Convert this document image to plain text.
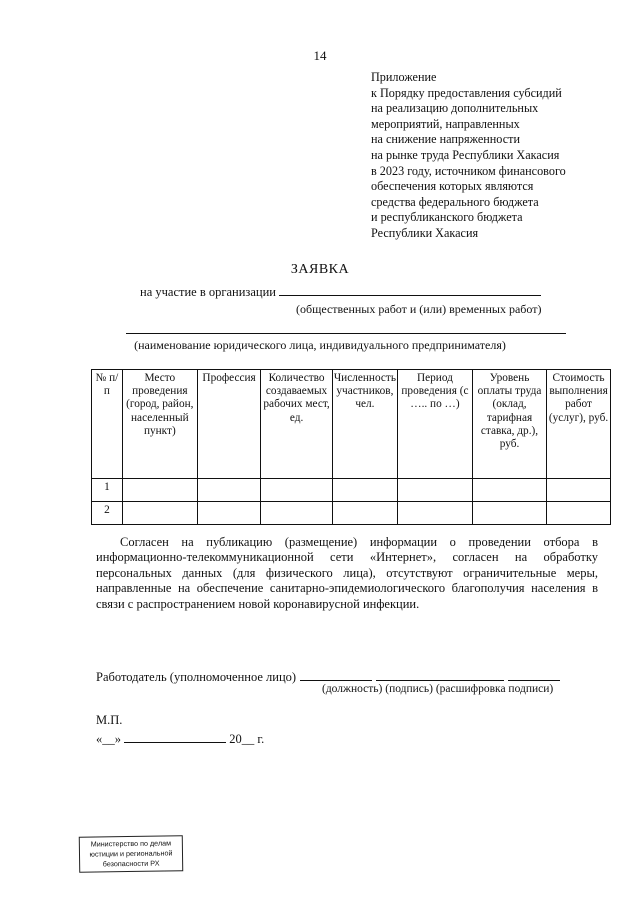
14
Приложение
к Порядку предоставления субсидий
на реализацию дополнительных
мероприятий, направленных
на снижение напряженности
на рынке труда Республики Хакасия
в 2023 году, источником финансового
обеспечения которых являются
средства федерального бюджета
и республиканского бюджета
Республики Хакасия
ЗАЯВКА
на участие в организации
(общественных работ и (или) временных работ)
(наименование юридического лица, индивидуального предпринимателя)
№ п/п	Место проведения (город, район, населенный пункт)	Профессия	Количество создаваемых рабочих мест, ед.	Численность участников, чел.	Период проведения (с ….. по …)	Уровень оплаты труда (оклад, тарифная ставка, др.), руб.	Стоимость выполнения работ (услуг), руб.
1							
2							
Согласен на публикацию (размещение) информации о проведении отбора в информационно-телекоммуникационной сети «Интернет», согласен на обработку персональных данных (для физического лица), отсутствуют ограничительные меры, направленные на обеспечение санитарно-эпидемиологического благополучия населения в связи с распространением новой коронавирусной инфекции.
Работодатель (уполномоченное лицо)
(должность) (подпись) (расшифровка подписи)
М.П.
«__»	20__ г.
Министерство по делам
юстиции и региональной
безопасности РХ
